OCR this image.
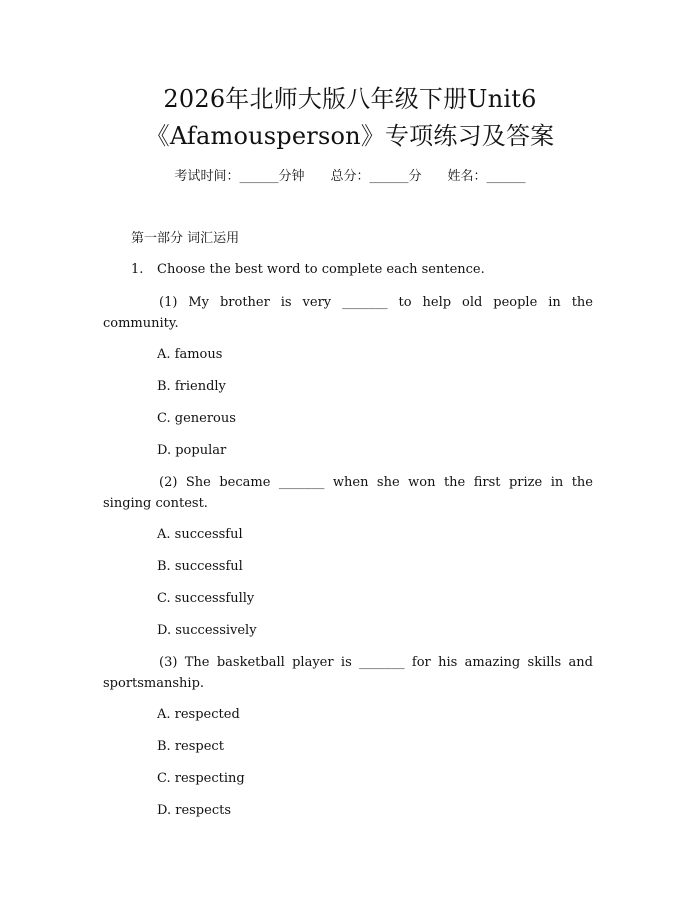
2026年北师大版八年级下册Unit6
《Afamousperson》专项练习及答案
考试时间：______分钟 总分：______分 姓名：______
第一部分 词汇运用
1. Choose the best word to complete each sentence.
(1) My brother is very _______ to help old people in the community.
A. famous
B. friendly
C. generous
D. popular
(2) She became _______ when she won the first prize in the singing contest.
A. successful
B. successful
C. successfully
D. successively
(3) The basketball player is _______ for his amazing skills and sportsmanship.
A. respected
B. respect
C. respecting
D. respects
